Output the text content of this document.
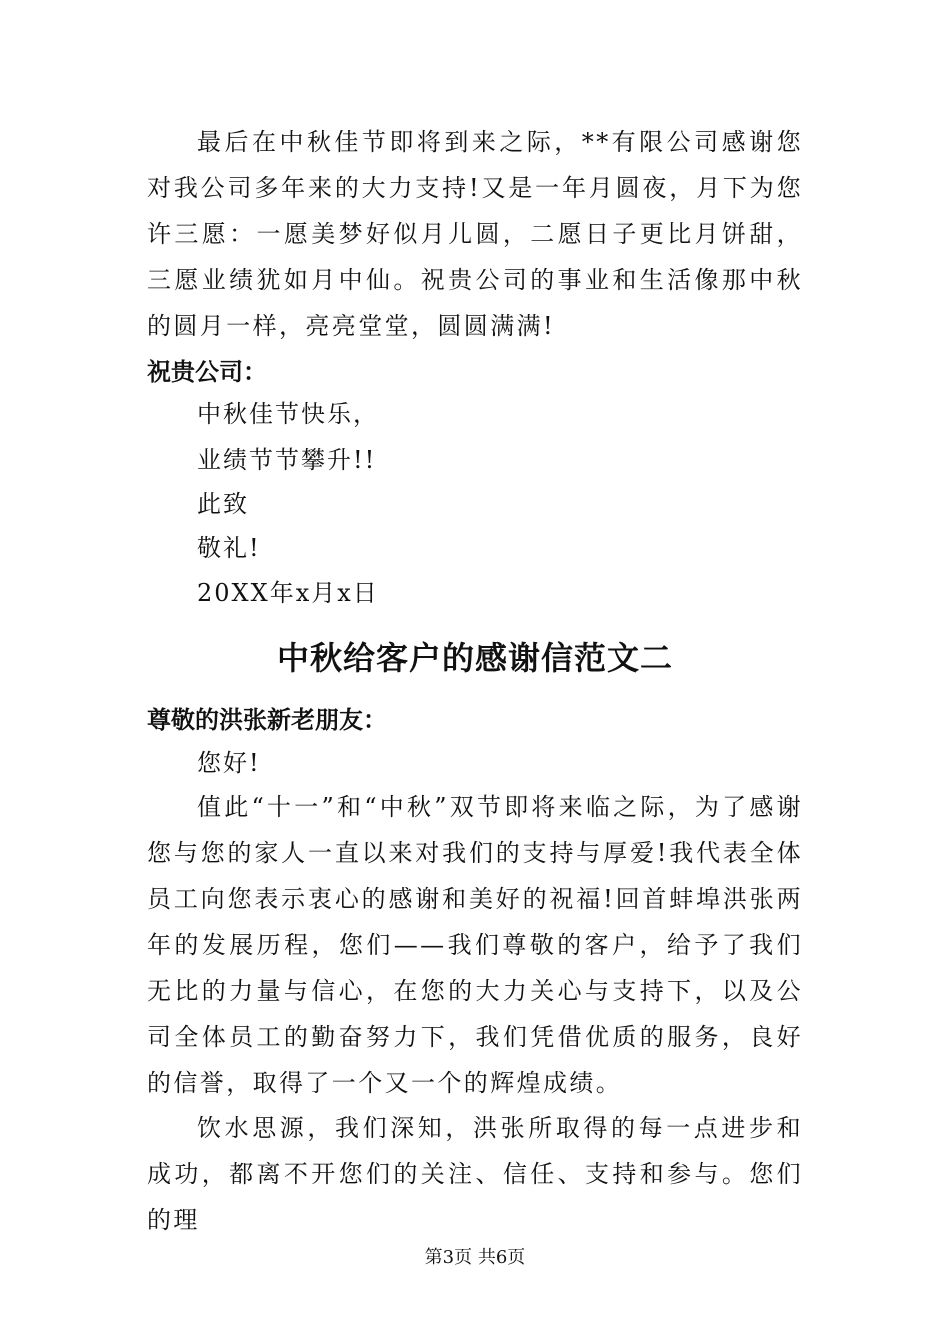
最后在中秋佳节即将到来之际，**有限公司感谢您对我公司多年来的大力支持!又是一年月圆夜，月下为您许三愿：一愿美梦好似月儿圆，二愿日子更比月饼甜，三愿业绩犹如月中仙。祝贵公司的事业和生活像那中秋的圆月一样，亮亮堂堂，圆圆满满!

祝贵公司：

中秋佳节快乐，

业绩节节攀升!!

此致

敬礼!

20XX年x月x日

中秋给客户的感谢信范文二

尊敬的洪张新老朋友：

您好!

值此“十一”和“中秋”双节即将来临之际，为了感谢您与您的家人一直以来对我们的支持与厚爱!我代表全体员工向您表示衷心的感谢和美好的祝福!回首蚌埠洪张两年的发展历程，您们——我们尊敬的客户，给予了我们无比的力量与信心，在您的大力关心与支持下，以及公司全体员工的勤奋努力下，我们凭借优质的服务，良好的信誉，取得了一个又一个的辉煌成绩。

饮水思源，我们深知，洪张所取得的每一点进步和成功，都离不开您们的关注、信任、支持和参与。您们的理

第3页 共6页
